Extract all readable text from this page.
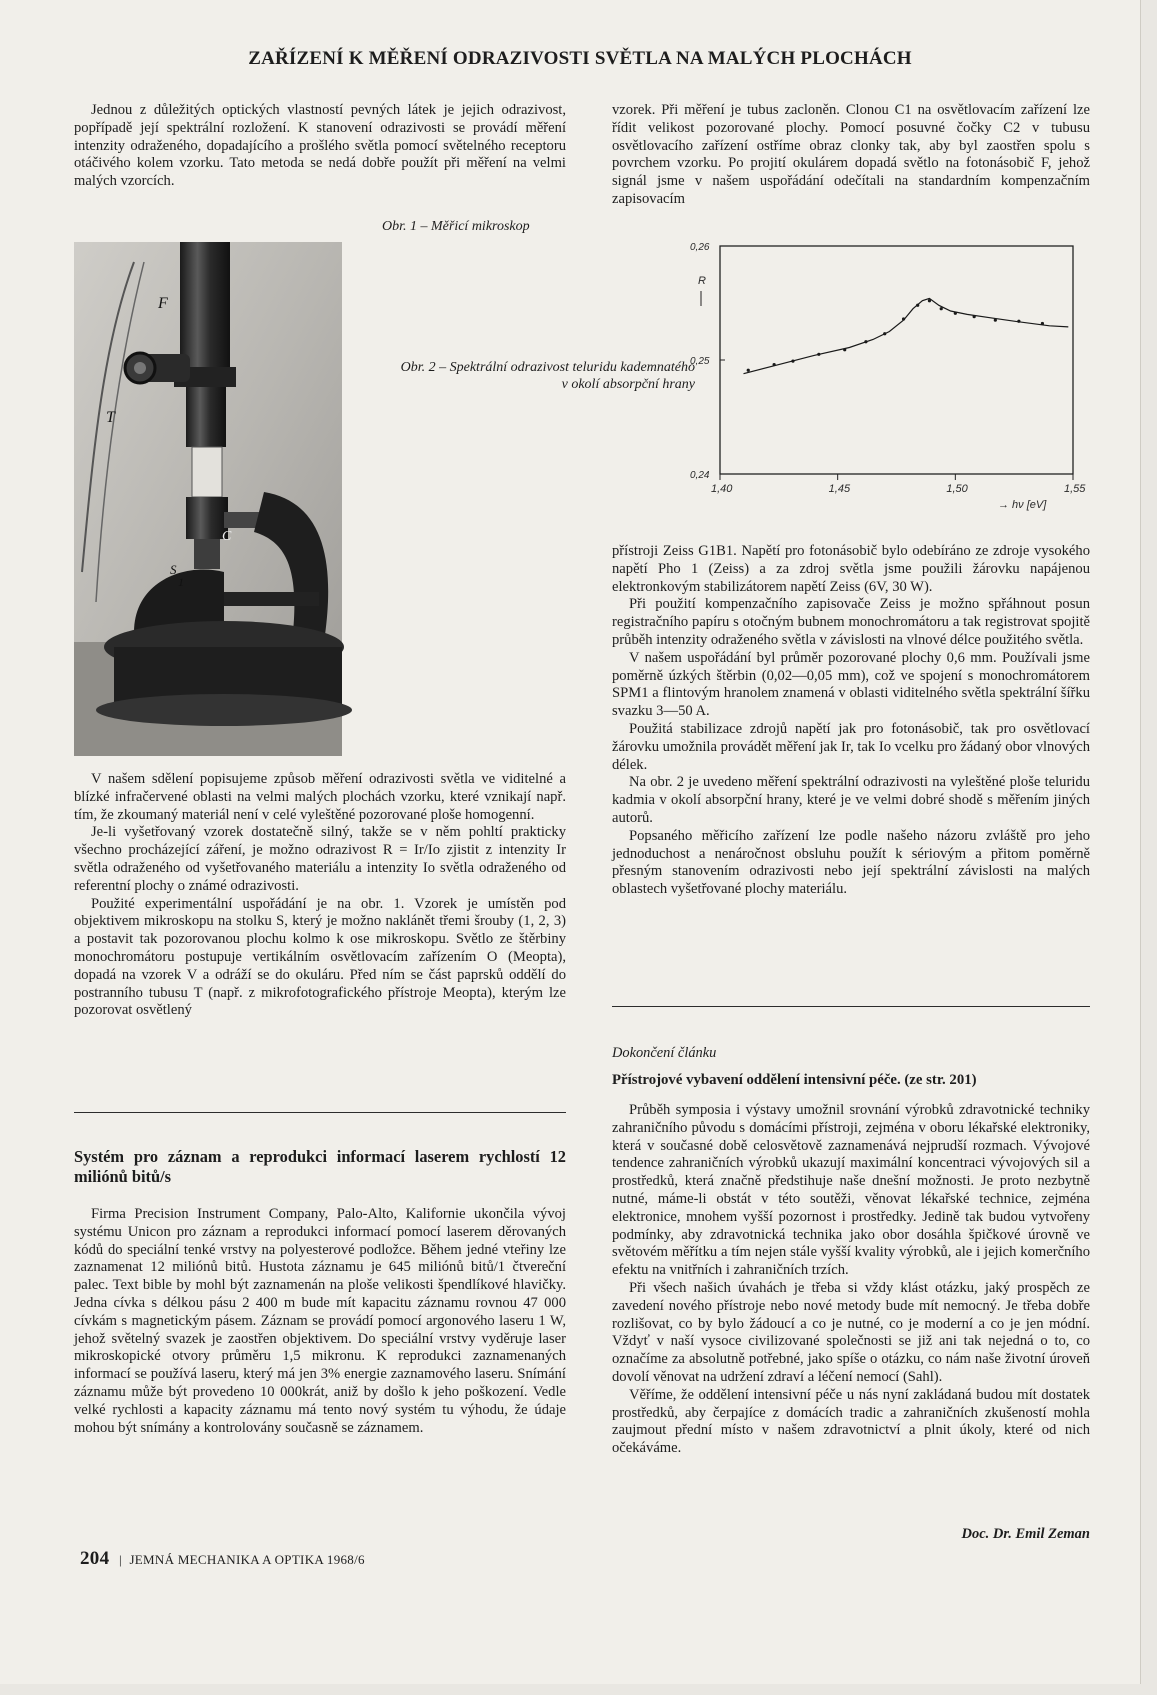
ZAŘÍZENÍ K MĚŘENÍ ODRAZIVOSTI SVĚTLA NA MALÝCH PLOCHÁCH

Jednou z důležitých optických vlastností pevných látek je jejich odrazivost, popřípadě její spektrální rozložení. K stanovení odrazivosti se provádí měření intenzity odraženého, dopadajícího a prošlého světla pomocí světelného receptoru otáčivého kolem vzorku. Tato metoda se nedá dobře použít při měření na velmi malých vzorcích.

vzorek. Při měření je tubus zacloněn. Clonou C1 na osvětlovacím zařízení lze řídit velikost pozorované plochy. Pomocí posuvné čočky C2 v tubusu osvětlovacího zařízení ostříme obraz clonky tak, aby byl zaostřen spolu s povrchem vzorku. Po projití okulárem dopadá světlo na fotonásobič F, jehož signál jsme v našem uspořádání odečítali na standardním kompenzačním zapisovacím

Obr. 1 – Měřicí mikroskop

F
T
C
S
1

Obr. 2 – Spektrální odrazivost teluridu kademnatého v okolí absorpční hrany

1,40	1,45	1,50	1,55
0,26
0,25
0,24
R
→ hν [eV]

V našem sdělení popisujeme způsob měření odrazivosti světla ve viditelné a blízké infračervené oblasti na velmi malých plochách vzorku, které vznikají např. tím, že zkoumaný materiál není v celé vyleštěné pozorované ploše homogenní.

Je-li vyšetřovaný vzorek dostatečně silný, takže se v něm pohltí prakticky všechno procházející záření, je možno odrazivost R = Ir/Io zjistit z intenzity Ir světla odraženého od vyšetřovaného materiálu a intenzity Io světla odraženého od referentní plochy o známé odrazivosti.

Použité experimentální uspořádání je na obr. 1. Vzorek je umístěn pod objektivem mikroskopu na stolku S, který je možno naklánět třemi šrouby (1, 2, 3) a postavit tak pozorovanou plochu kolmo k ose mikroskopu. Světlo ze štěrbiny monochromátoru postupuje vertikálním osvětlovacím zařízením O (Meopta), dopadá na vzorek V a odráží se do okuláru. Před ním se část paprsků oddělí do postranního tubusu T (např. z mikrofotografického přístroje Meopta), kterým lze pozorovat osvětlený

Systém pro záznam a reprodukci informací laserem rychlostí 12 miliónů bitů/s

Firma Precision Instrument Company, Palo-Alto, Kalifornie ukončila vývoj systému Unicon pro záznam a reprodukci informací pomocí laserem děrovaných kódů do speciální tenké vrstvy na polyesterové podložce. Během jedné vteřiny lze zaznamenat 12 miliónů bitů. Hustota záznamu je 645 miliónů bitů/1 čtvereční palec. Text bible by mohl být zaznamenán na ploše velikosti špendlíkové hlavičky. Jedna cívka s délkou pásu 2 400 m bude mít kapacitu záznamu rovnou 47 000 cívkám s magnetickým pásem. Záznam se provádí pomocí argonového laseru 1 W, jehož světelný svazek je zaostřen objektivem. Do speciální vrstvy vyděruje laser mikroskopické otvory průměru 1,5 mikronu. K reprodukci zaznamenaných informací se používá laseru, který má jen 3% energie zaznamového laseru. Snímání záznamu může být provedeno 10 000krát, aniž by došlo k jeho poškození. Vedle velké rychlosti a kapacity záznamu má tento nový systém tu výhodu, že údaje mohou být snímány a kontrolovány současně se záznamem.

přístroji Zeiss G1B1. Napětí pro fotonásobič bylo odebíráno ze zdroje vysokého napětí Pho 1 (Zeiss) a za zdroj světla jsme použili žárovku napájenou elektronkovým stabilizátorem napětí Zeiss (6V, 30 W).

Při použití kompenzačního zapisovače Zeiss je možno spřáhnout posun registračního papíru s otočným bubnem monochromátoru a tak registrovat spojitě průběh intenzity odraženého světla v závislosti na vlnové délce použitého světla.

V našem uspořádání byl průměr pozorované plochy 0,6 mm. Používali jsme poměrně úzkých štěrbin (0,02—0,05 mm), což ve spojení s monochromátorem SPM1 a flintovým hranolem znamená v oblasti viditelného světla spektrální šířku svazku 3—50 A.

Použitá stabilizace zdrojů napětí jak pro fotonásobič, tak pro osvětlovací žárovku umožnila provádět měření jak Ir, tak Io vcelku pro žádaný obor vlnových délek.

Na obr. 2 je uvedeno měření spektrální odrazivosti na vyleštěné ploše teluridu kadmia v okolí absorpční hrany, které je ve velmi dobré shodě s měřením jiných autorů.

Popsaného měřicího zařízení lze podle našeho názoru zvláště pro jeho jednoduchost a nenáročnost obsluhu použít k sériovým a přitom poměrně přesným stanovením odrazivosti nebo její spektrální závislosti na malých oblastech vyšetřované plochy materiálu.

Dokončení článku

Přístrojové vybavení oddělení intensivní péče. (ze str. 201)

Průběh symposia i výstavy umožnil srovnání výrobků zdravotnické techniky zahraničního původu s domácími přístroji, zejména v oboru lékařské elektroniky, která v současné době celosvětově zaznamenává nejprudší rozmach. Vývojové tendence zahraničních výrobků ukazují maximální koncentraci vývojových sil a prostředků, která značně předstihuje naše dnešní možnosti. Je proto nezbytně nutné, máme-li obstát v této soutěži, věnovat lékařské technice, zejména elektronice, mnohem vyšší pozornost i prostředky. Jedině tak budou vytvořeny podmínky, aby zdravotnická technika jako obor dosáhla špičkové úrovně ve světovém měřítku a tím nejen stále vyšší kvality výrobků, ale i jejich komerčního efektu na vnitřních i zahraničních trzích.

Při všech našich úvahách je třeba si vždy klást otázku, jaký prospěch ze zavedení nového přístroje nebo nové metody bude mít nemocný. Je třeba dobře rozlišovat, co by bylo žádoucí a co je nutné, co je moderní a co je jen módní. Vždyť v naší vysoce civilizované společnosti se již ani tak nejedná o to, co označíme za absolutně potřebné, jako spíše o otázku, co nám naše životní úroveň dovolí věnovat na udržení zdraví a léčení nemocí (Sahl).

Věříme, že oddělení intensivní péče u nás nyní zakládaná budou mít dostatek prostředků, aby čerpajíce z domácích tradic a zahraničních zkušeností mohla zaujmout přední místo v našem zdravotnictví a plnit úkoly, které od nich očekáváme.

Doc. Dr. Emil Zeman

204 | JEMNÁ MECHANIKA A OPTIKA 1968/6
